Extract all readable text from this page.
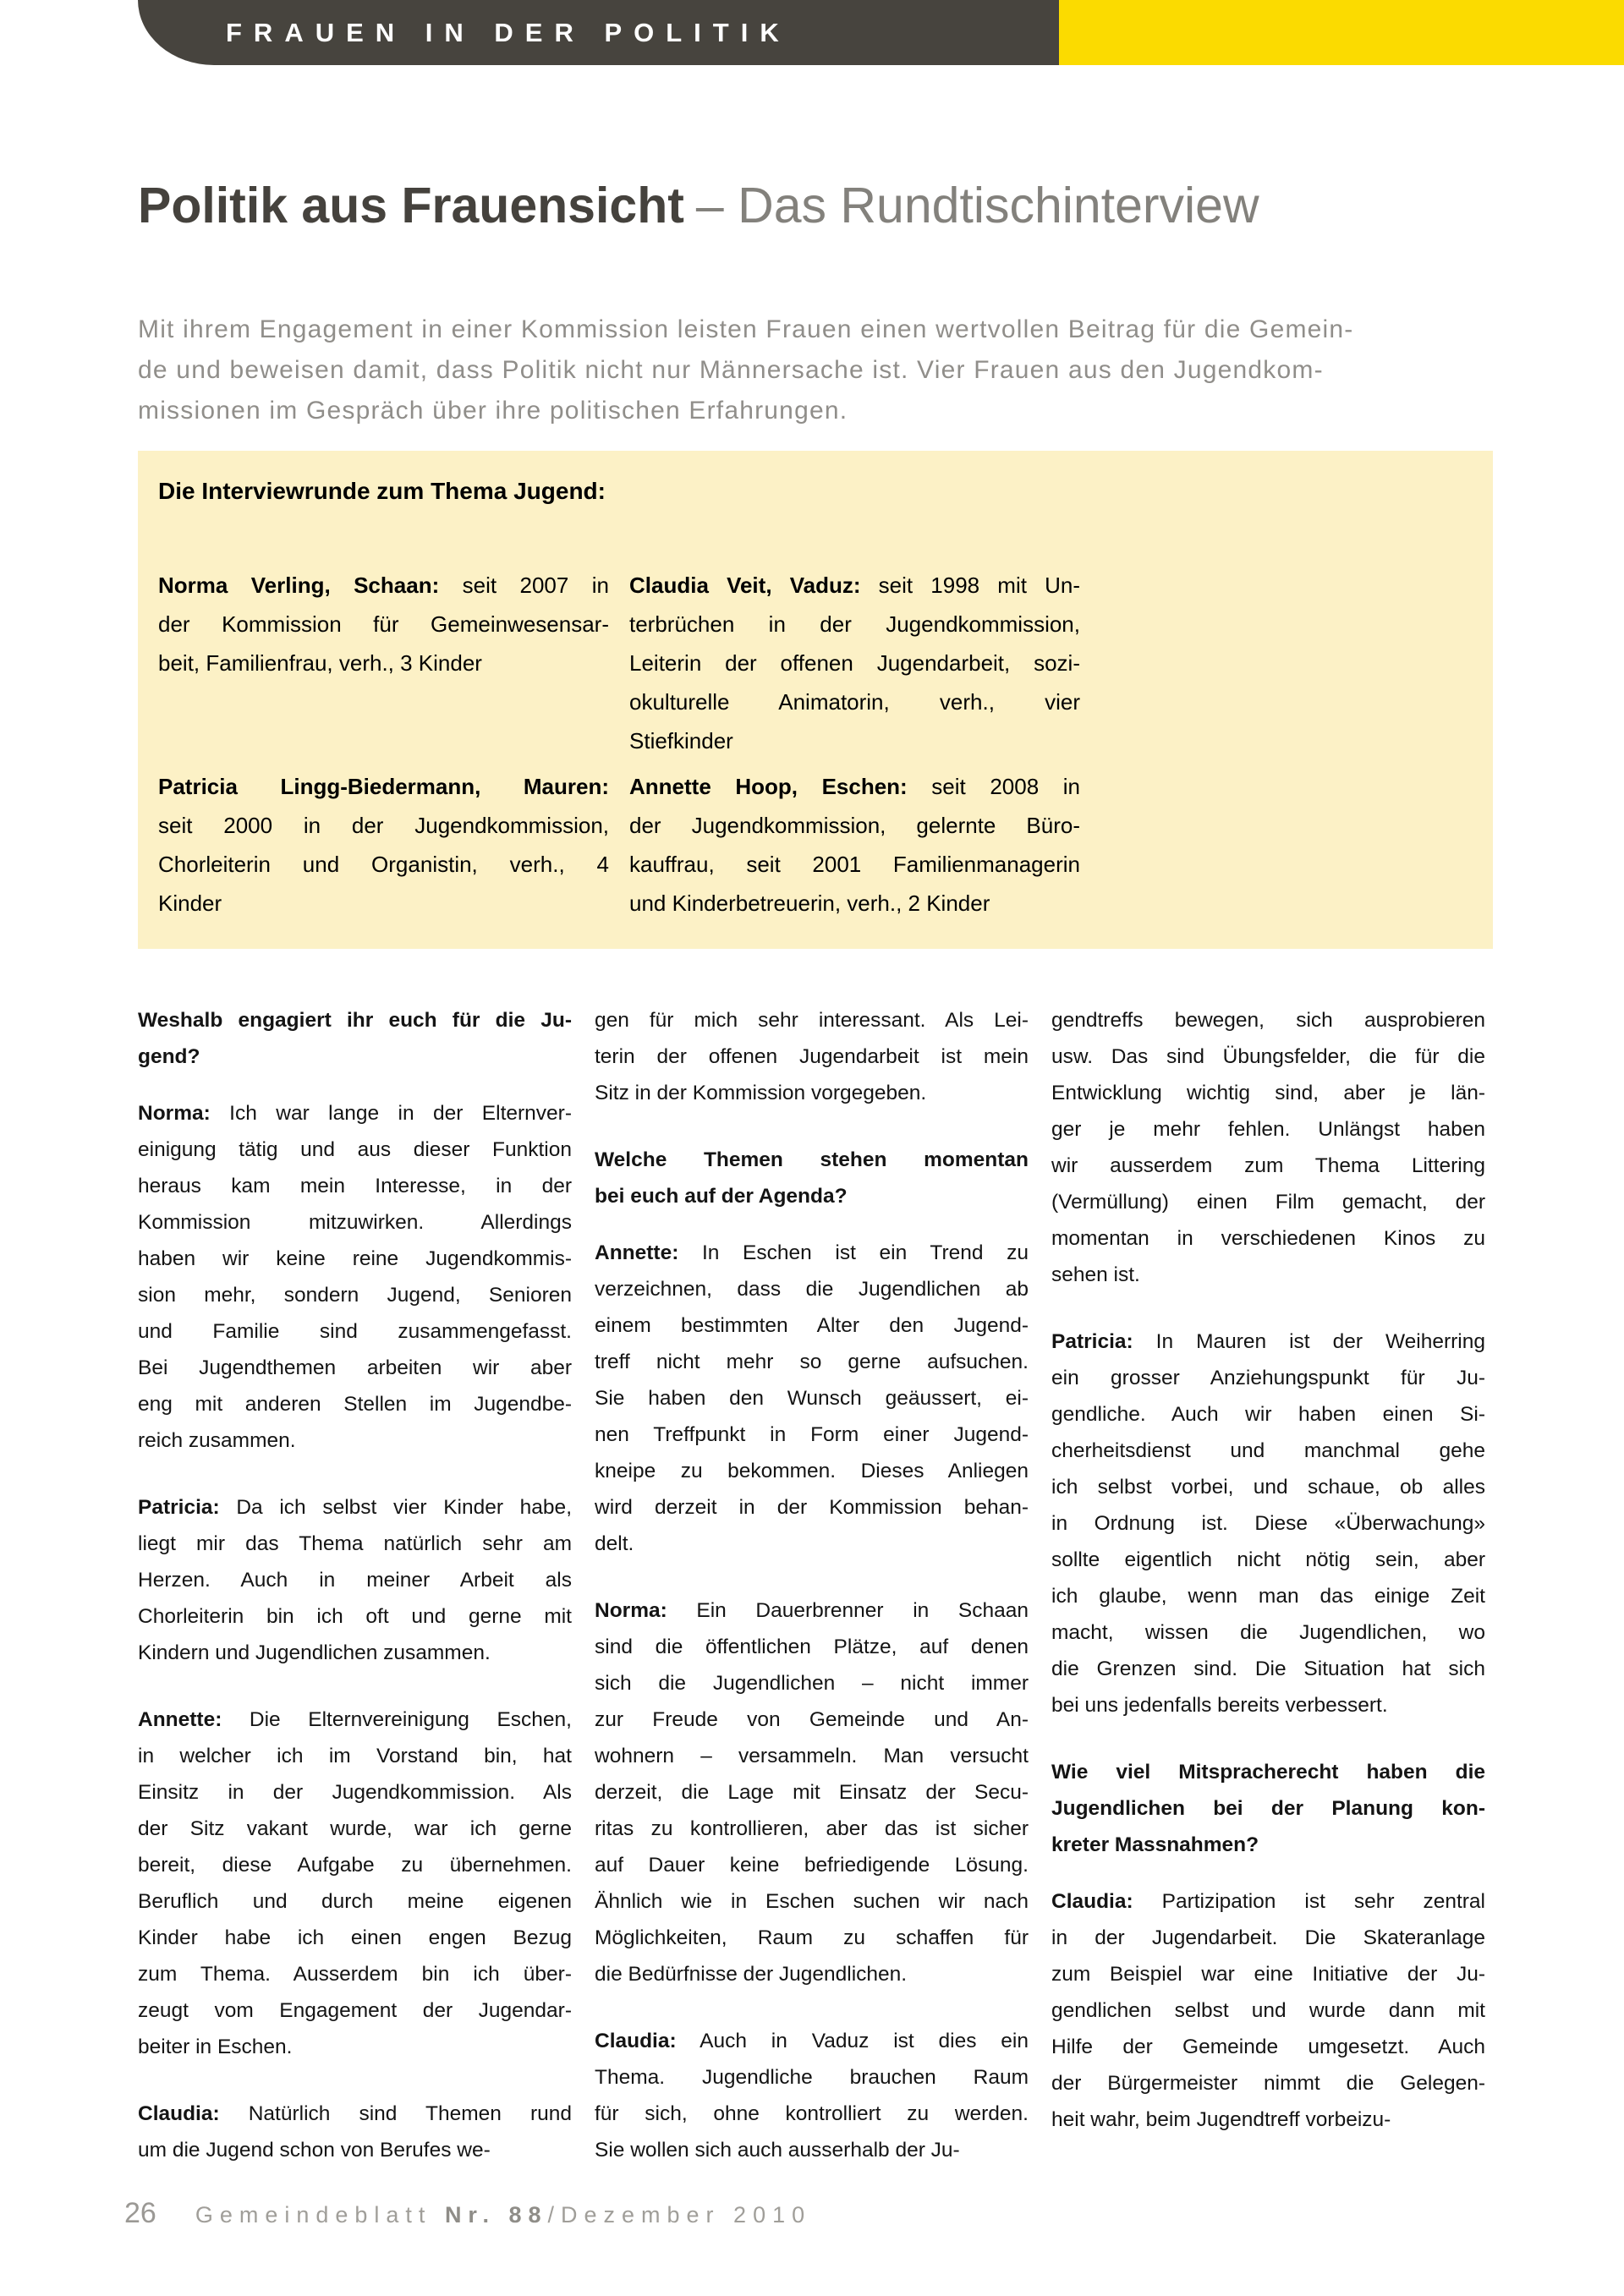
FRAUEN IN DER POLITIK
Politik aus Frauensicht – Das Rundtischinterview
Mit ihrem Engagement in einer Kommission leisten Frauen einen wertvollen Beitrag für die Gemein-
de und beweisen damit, dass Politik nicht nur Männersache ist. Vier Frauen aus den Jugendkom-
missionen im Gespräch über ihre politischen Erfahrungen.
Die Interviewrunde zum Thema Jugend:
Norma Verling, Schaan: seit 2007 in
der Kommission für Gemeinwesensar-
beit, Familienfrau, verh., 3 Kinder
Claudia Veit, Vaduz: seit 1998 mit Un-
terbrüchen in der Jugendkommission,
Leiterin der offenen Jugendarbeit, sozi-
okulturelle Animatorin, verh., vier
Stiefkinder
Patricia Lingg-Biedermann, Mauren:
seit 2000 in der Jugendkommission,
Chorleiterin und Organistin, verh., 4
Kinder
Annette Hoop, Eschen: seit 2008 in
der Jugendkommission, gelernte Büro-
kauffrau, seit 2001 Familienmanagerin
und Kinderbetreuerin, verh., 2 Kinder
Weshalb engagiert ihr euch für die Ju-
gend?
Norma: Ich war lange in der Elternver-
einigung tätig und aus dieser Funktion
heraus kam mein Interesse, in der
Kommission mitzuwirken. Allerdings
haben wir keine reine Jugendkommis-
sion mehr, sondern Jugend, Senioren
und Familie sind zusammengefasst.
Bei Jugendthemen arbeiten wir aber
eng mit anderen Stellen im Jugendbe-
reich zusammen.
Patricia: Da ich selbst vier Kinder habe,
liegt mir das Thema natürlich sehr am
Herzen. Auch in meiner Arbeit als
Chorleiterin bin ich oft und gerne mit
Kindern und Jugendlichen zusammen.
Annette: Die Elternvereinigung Eschen,
in welcher ich im Vorstand bin, hat
Einsitz in der Jugendkommission. Als
der Sitz vakant wurde, war ich gerne
bereit, diese Aufgabe zu übernehmen.
Beruflich und durch meine eigenen
Kinder habe ich einen engen Bezug
zum Thema. Ausserdem bin ich über-
zeugt vom Engagement der Jugendar-
beiter in Eschen.
Claudia: Natürlich sind Themen rund
um die Jugend schon von Berufes we-
gen für mich sehr interessant. Als Lei-
terin der offenen Jugendarbeit ist mein
Sitz in der Kommission vorgegeben.
Welche Themen stehen momentan
bei euch auf der Agenda?
Annette: In Eschen ist ein Trend zu
verzeichnen, dass die Jugendlichen ab
einem bestimmten Alter den Jugend-
treff nicht mehr so gerne aufsuchen.
Sie haben den Wunsch geäussert, ei-
nen Treffpunkt in Form einer Jugend-
kneipe zu bekommen. Dieses Anliegen
wird derzeit in der Kommission behan-
delt.
Norma: Ein Dauerbrenner in Schaan
sind die öffentlichen Plätze, auf denen
sich die Jugendlichen – nicht immer
zur Freude von Gemeinde und An-
wohnern – versammeln. Man versucht
derzeit, die Lage mit Einsatz der Secu-
ritas zu kontrollieren, aber das ist sicher
auf Dauer keine befriedigende Lösung.
Ähnlich wie in Eschen suchen wir nach
Möglichkeiten, Raum zu schaffen für
die Bedürfnisse der Jugendlichen.
Claudia: Auch in Vaduz ist dies ein
Thema. Jugendliche brauchen Raum
für sich, ohne kontrolliert zu werden.
Sie wollen sich auch ausserhalb der Ju-
gendtreffs bewegen, sich ausprobieren
usw. Das sind Übungsfelder, die für die
Entwicklung wichtig sind, aber je län-
ger je mehr fehlen. Unlängst haben
wir ausserdem zum Thema Littering
(Vermüllung) einen Film gemacht, der
momentan in verschiedenen Kinos zu
sehen ist.
Patricia: In Mauren ist der Weiherring
ein grosser Anziehungspunkt für Ju-
gendliche. Auch wir haben einen Si-
cherheitsdienst und manchmal gehe
ich selbst vorbei, und schaue, ob alles
in Ordnung ist. Diese «Überwachung»
sollte eigentlich nicht nötig sein, aber
ich glaube, wenn man das einige Zeit
macht, wissen die Jugendlichen, wo
die Grenzen sind. Die Situation hat sich
bei uns jedenfalls bereits verbessert.
Wie viel Mitspracherecht haben die
Jugendlichen bei der Planung kon-
kreter Massnahmen?
Claudia: Partizipation ist sehr zentral
in der Jugendarbeit. Die Skateranlage
zum Beispiel war eine Initiative der Ju-
gendlichen selbst und wurde dann mit
Hilfe der Gemeinde umgesetzt. Auch
der Bürgermeister nimmt die Gelegen-
heit wahr, beim Jugendtreff vorbeizu-
26 Gemeindeblatt Nr. 88/Dezember 2010
